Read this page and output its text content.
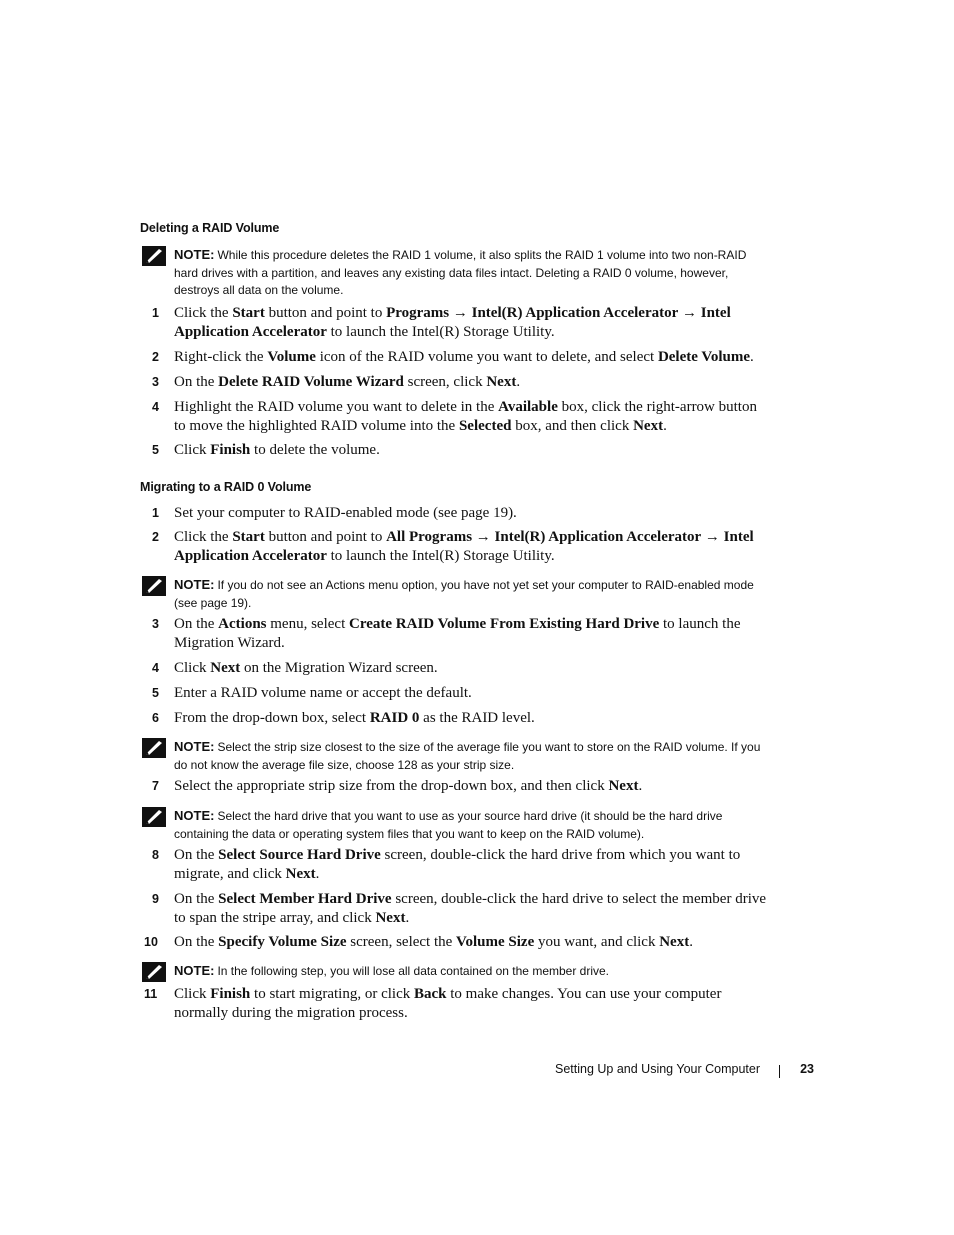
Deleting a RAID Volume
NOTE: While this procedure deletes the RAID 1 volume, it also splits the RAID 1 volume into two non-RAID hard drives with a partition, and leaves any existing data files intact. Deleting a RAID 0 volume, however, destroys all data on the volume.
1	Click the Start button and point to Programs → Intel(R) Application Accelerator → Intel Application Accelerator to launch the Intel(R) Storage Utility.
2	Right-click the Volume icon of the RAID volume you want to delete, and select Delete Volume.
3	On the Delete RAID Volume Wizard screen, click Next.
4	Highlight the RAID volume you want to delete in the Available box, click the right-arrow button to move the highlighted RAID volume into the Selected box, and then click Next.
5	Click Finish to delete the volume.
Migrating to a RAID 0 Volume
1	Set your computer to RAID-enabled mode (see page 19).
2	Click the Start button and point to All Programs → Intel(R) Application Accelerator → Intel Application Accelerator to launch the Intel(R) Storage Utility.
NOTE: If you do not see an Actions menu option, you have not yet set your computer to RAID-enabled mode (see page 19).
3	On the Actions menu, select Create RAID Volume From Existing Hard Drive to launch the Migration Wizard.
4	Click Next on the Migration Wizard screen.
5	Enter a RAID volume name or accept the default.
6	From the drop-down box, select RAID 0 as the RAID level.
NOTE: Select the strip size closest to the size of the average file you want to store on the RAID volume. If you do not know the average file size, choose 128 as your strip size.
7	Select the appropriate strip size from the drop-down box, and then click Next.
NOTE: Select the hard drive that you want to use as your source hard drive (it should be the hard drive containing the data or operating system files that you want to keep on the RAID volume).
8	On the Select Source Hard Drive screen, double-click the hard drive from which you want to migrate, and click Next.
9	On the Select Member Hard Drive screen, double-click the hard drive to select the member drive to span the stripe array, and click Next.
10	On the Specify Volume Size screen, select the Volume Size you want, and click Next.
NOTE: In the following step, you will lose all data contained on the member drive.
11	Click Finish to start migrating, or click Back to make changes. You can use your computer normally during the migration process.
Setting Up and Using Your Computer	23
